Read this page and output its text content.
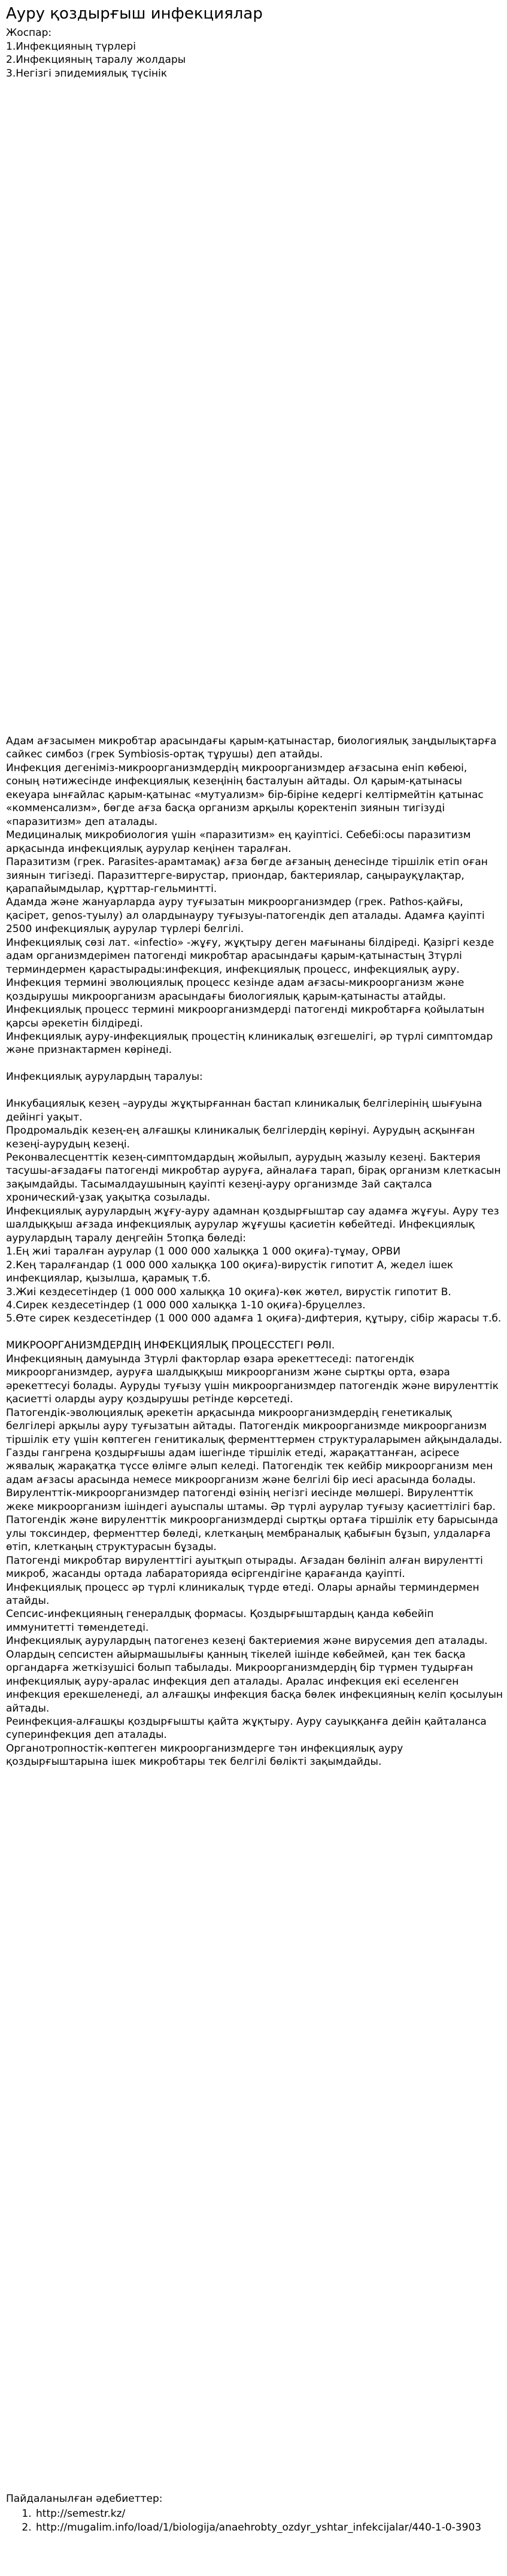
Ауру қоздырғыш инфекциялар
Жоспар:
1.Инфекцияның түрлері
2.Инфекцияның таралу жолдары
3.Негізгі эпидемиялық түсінік

Адам ағзасымен микробтар арасындағы қарым-қатынастар, биологиялық заңдылықтарға сайкес симбоз (грек Symbiosis-ортақ тұрушы) деп атайды.

Инфекция дегеніміз-микроорганизмдердің микроорганизмдер ағзасына еніп көбеюі, соның нәтижесінде инфекциялық кезеңінің басталуын айтады. Ол қарым-қатынасы екеуара ынғайлас қарым-қатынас «мутуализм» бір-біріне кедергі келтірмейтін қатынас «комменсализм», бөгде ағза басқа организм арқылы қоректеніп зиянын тигізуді «паразитизм» деп аталады.

Медициналық микробиология үшін «паразитизм» ең қауіптісі. Себебі:осы паразитизм арқасында инфекциялық аурулар кеңінен таралған.

Паразитизм (грек. Parasites-арамтамақ) ағза бөгде ағзаның денесінде тіршілік етіп оған зиянын тигізеді. Паразиттерге-вирустар, приондар, бактериялар, саңырауқұлақтар, қарапайымдылар, құрттар-гельминтті.

Адамда және жануарларда ауру туғызатын микроорганизмдер (грек. Pathos-қайғы, қасірет, genos-туылу) ал олардынауру туғызуы-патогендік деп аталады. Адамға қауіпті 2500 инфекциялық аурулар түрлері белгілі.

Инфекциялық сөзі лат. «infectio» -жұғу, жұқтыру деген мағынаны білдіреді. Қазіргі кезде адам организмдерімен патогенді микробтар арасындағы қарым-қатынастың 3түрлі терминдермен қарастырады:инфекция, инфекциялық процесс, инфекциялық ауру.

Инфекция термині эволюциялық процесс кезінде адам ағзасы-микроорганизм және қоздырушы микроорганизм арасындағы биологиялық қарым-қатынасты атайды.

Инфекциялық процесс термині микроорганизмдерді патогенді микробтарға қойылатын қарсы әрекетін білдіреді.

Инфекциялық ауру-инфекциялық процестің клиникалық өзгешелігі, әр түрлі симптомдар және признактармен көрінеді.

Инфекциялық аурулардың таралуы:

Инкубациялық кезең –ауруды жұқтырғаннан бастап клиникалық белгілерінің шығуына дейінгі уақыт.

Продромальдік кезең-ең алғашқы клиникалық белгілердің көрінуі. Аурудың асқынған кезеңі-аурудың кезеңі.

Реконвалесценттік кезең-симптомдардың жойылып, аурудың жазылу кезеңі. Бактерия тасушы-ағзадағы патогенді микробтар ауруға, айналаға тарап, бірақ организм клеткасын зақымдайды. Тасымалдаушының қауіпті кезеңі-ауру организмде 3ай сақталса хронический-ұзақ уақытқа созылады.

Инфекциялық аурулардың жұғу-ауру адамнан қоздырғыштар сау адамға жұғуы. Ауру тез шалдыққыш ағзада инфекциялық аурулар жұғушы қасиетін көбейтеді. Инфекциялық аурулардың таралу деңгейін 5топқа бөледі:

1.Ең жиі таралған аурулар (1 000 000 халыққа 1 000 оқиға)-тұмау, ОРВИ

2.Кең таралғандар (1 000 000 халыққа 100 оқиға)-вирустік гипотит А, жедел ішек инфекциялар, қызылша, қарамық т.б.

3.Жиі кездесетіндер (1 000 000 халыққа 10 оқиға)-көк жөтел, вирустік гипотит В.

4.Сирек кездесетіндер (1 000 000 халыққа 1-10 оқиға)-бруцеллез.

5.Өте сирек кездесетіндер (1 000 000 адамға 1 оқиға)-дифтерия, құтыру, сібір жарасы т.б.

МИКРООРГАНИЗМДЕРДІҢ ИНФЕКЦИЯЛЫҚ ПРОЦЕССТЕГІ РӨЛІ.

Инфекцияның дамуында 3түрлі факторлар өзара әрекеттеседі: патогендік микроорганизмдер, ауруға шалдыққыш микроорганизм және сыртқы орта, өзара әрекеттесуі болады. Ауруды туғызу үшін микроорганизмдер патогендік және вируленттік қасиетті оларды ауру қоздырушы ретінде көрсетеді.

Патогендік-эволюциялық әрекетін арқасында микроорганизмдердің генетикалық белгілері арқылы ауру туғызатын айтады. Патогендік микроорганизмде микроорганизм тіршілік ету үшін көптеген генитикалық ферменттермен структураларымен айқындалады. Газды гангрена қоздырғышы адам ішегінде тіршілік етеді, жарақаттанған, асіресе жявалық жарақатқа түссе өлімге әлып келеді. Патогендік тек кейбір микроорганизм мен адам ағзасы арасында немесе микроорганизм және белгілі бір иесі арасында болады. Вируленттік-микроорганизмдер патогенді өзінің негізгі иесінде мөлшері. Вируленттік жеке микроорганизм ішіндегі ауыспалы штамы. Әр түрлі аурулар туғызу қасиеттілігі бар. Патогендік және вируленттік микроорганизмдерді сыртқы ортаға тіршілік ету барысында улы токсиндер, ферменттер бөледі, клеткаңың мембраналық қабығын бұзып, улдаларға өтіп, клеткаңың структурасын бұзады.

Патогенді микробтар вируленттігі ауытқып отырады. Ағзадан бөлініп алған вирулентті микроб, жасанды ортада лабараторияда өсіргендігіне қарағанда қауіпті.

Инфекциялық процесс әр түрлі клиникалық түрде өтеді. Олары арнайы терминдермен атайды.

Сепсис-инфекцияның генералдық формасы. Қоздырғыштардың қанда көбейіп иммунитетті төмендетеді.

Инфекциялық аурулардың патогенез кезеңі бактериемия және вирусемия деп аталады. Олардың сепсистен айырмашылығы қанның тікелей ішінде көбеймей, қан тек басқа органдарға жеткізушісі болып табылады. Микроорганизмдердің бір түрмен тудырған инфекциялық ауру-аралас инфекция деп аталады. Аралас инфекция екі еселенген инфекция ерекшеленеді, ал алғашқы инфекция басқа бөлек инфекцияның келіп қосылуын айтады.

Реинфекция-алғашқы қоздырғышты қайта жұқтыру. Ауру сауыққанға дейін қайталанса суперинфекция деп аталады.

Органотропностік-көптеген микроорганизмдерге тән инфекциялық ауру қоздырғыштарына ішек микробтары тек белгілі бөлікті зақымдайды.

Пайдаланылған әдебиеттер:
1. http://semestr.kz/
2. http://mugalim.info/load/1/biologija/anaehrobty_ozdyr_yshtar_infekcijalar/440-1-0-3903
